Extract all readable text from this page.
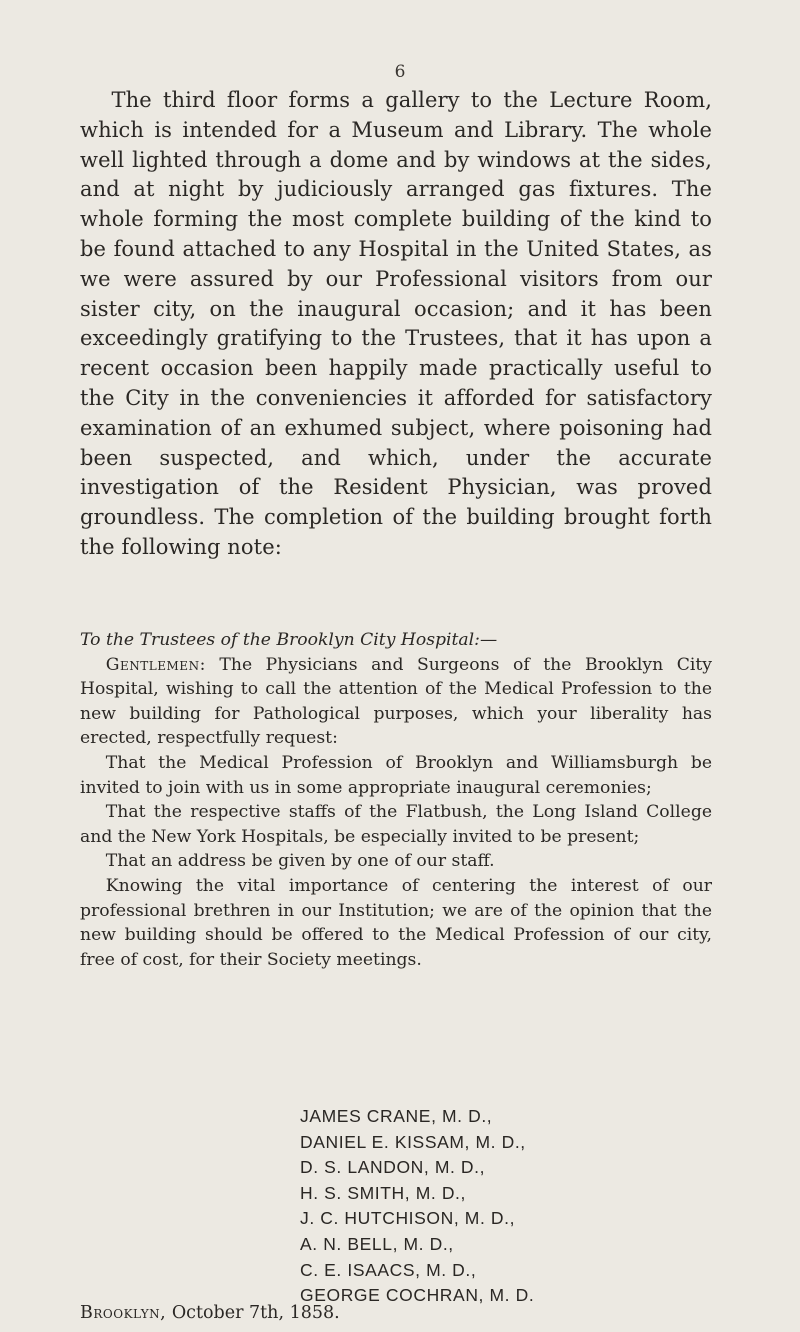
6

The third floor forms a gallery to the Lecture Room, which is intended for a Museum and Library. The whole well lighted through a dome and by windows at the sides, and at night by judiciously arranged gas fixtures. The whole forming the most complete building of the kind to be found attached to any Hospital in the United States, as we were assured by our Professional visitors from our sister city, on the inaugural occasion; and it has been exceedingly gratifying to the Trustees, that it has upon a recent occasion been happily made practically useful to the City in the conveniencies it afforded for satisfactory examination of an exhumed subject, where poisoning had been suspected, and which, under the accurate investigation of the Resident Physician, was proved groundless. The completion of the building brought forth the following note:

To the Trustees of the Brooklyn City Hospital:—

Gentlemen: The Physicians and Surgeons of the Brooklyn City Hospital, wishing to call the attention of the Medical Profession to the new building for Pathological purposes, which your liberality has erected, respectfully request:

That the Medical Profession of Brooklyn and Williamsburgh be invited to join with us in some appropriate inaugural ceremonies;

That the respective staffs of the Flatbush, the Long Island College and the New York Hospitals, be especially invited to be present;

That an address be given by one of our staff.

Knowing the vital importance of centering the interest of our professional brethren in our Institution; we are of the opinion that the new building should be offered to the Medical Profession of our city, free of cost, for their Society meetings.

JAMES CRANE, M. D.,
DANIEL E. KISSAM, M. D.,
D. S. LANDON, M. D.,
H. S. SMITH, M. D.,
J. C. HUTCHISON, M. D.,
A. N. BELL, M. D.,
C. E. ISAACS, M. D.,
GEORGE COCHRAN, M. D.
Brooklyn, October 7th, 1858.
